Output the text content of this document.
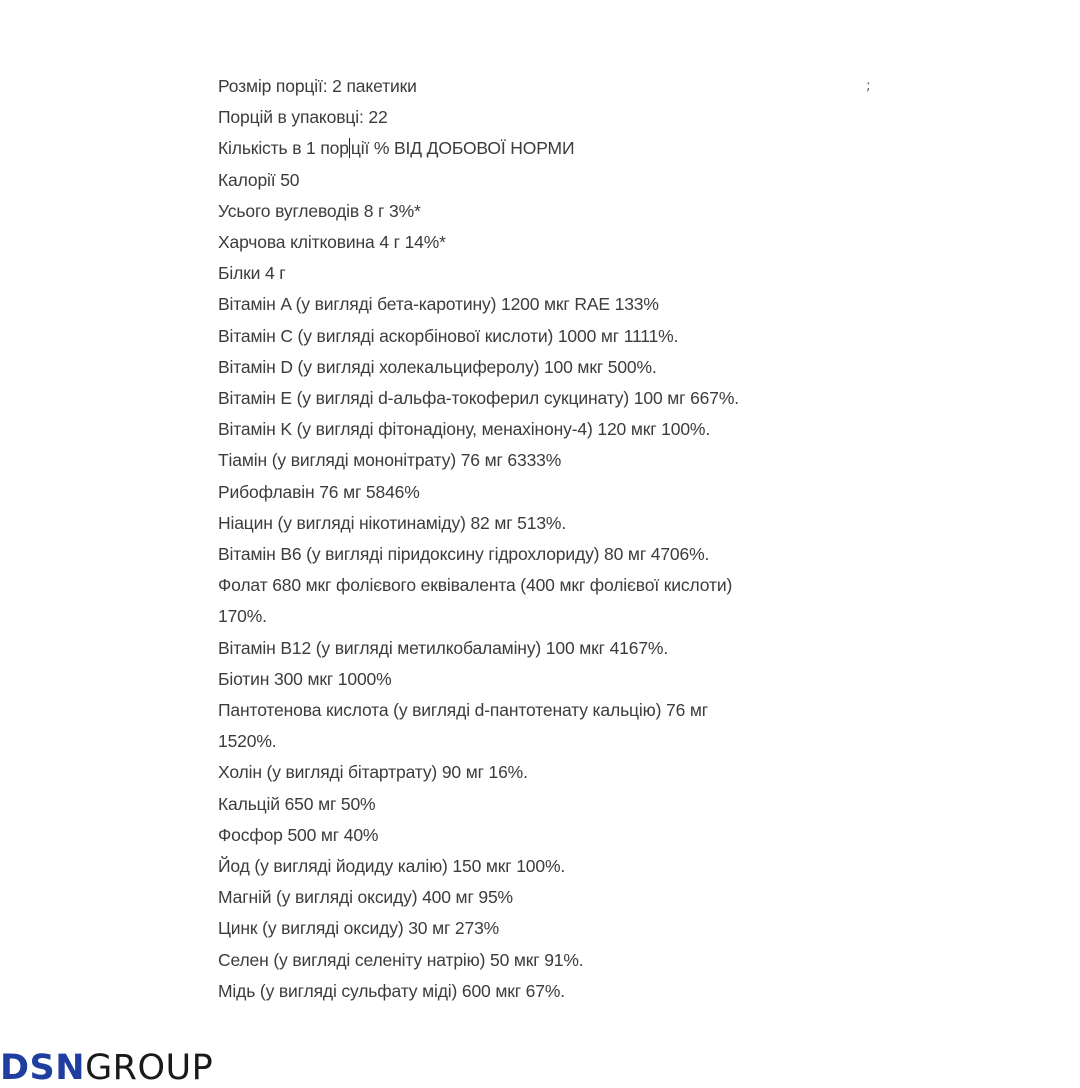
Розмір порції: 2 пакетики
Порцій в упаковці: 22
Кількість в 1 пор ції % ВІД ДОБОВОЇ НОРМИ
Калорії 50
Усього вуглеводів 8 г 3%*
Харчова клітковина 4 г 14%*
Білки 4 г
Вітамін A (у вигляді бета-каротину) 1200 мкг RAE 133%
Вітамін C (у вигляді аскорбінової кислоти) 1000 мг 1111%.
Вітамін D (у вигляді холекальциферолу) 100 мкг 500%.
Вітамін E (у вигляді d-альфа-токоферил сукцинату) 100 мг 667%.
Вітамін K (у вигляді фітонадіону, менахінону-4) 120 мкг 100%.
Тіамін (у вигляді мононітрату) 76 мг 6333%
Рибофлавін 76 мг 5846%
Ніацин (у вигляді нікотинаміду) 82 мг 513%.
Вітамін B6 (у вигляді піридоксину гідрохлориду) 80 мг 4706%.
Фолат 680 мкг фолієвого еквівалента (400 мкг фолієвої кислоти)
170%.
Вітамін B12 (у вигляді метилкобаламіну) 100 мкг 4167%.
Біотин 300 мкг 1000%
Пантотенова кислота (у вигляді d-пантотенату кальцію) 76 мг
1520%.
Холін (у вигляді бітартрату) 90 мг 16%.
Кальцій 650 мг 50%
Фосфор 500 мг 40%
Йод (у вигляді йодиду калію) 150 мкг 100%.
Магній (у вигляді оксиду) 400 мг 95%
Цинк (у вигляді оксиду) 30 мг 273%
Селен (у вигляді селеніту натрію) 50 мкг 91%.
Мідь (у вигляді сульфату міді) 600 мкг 67%.
;
DSNGROUP
